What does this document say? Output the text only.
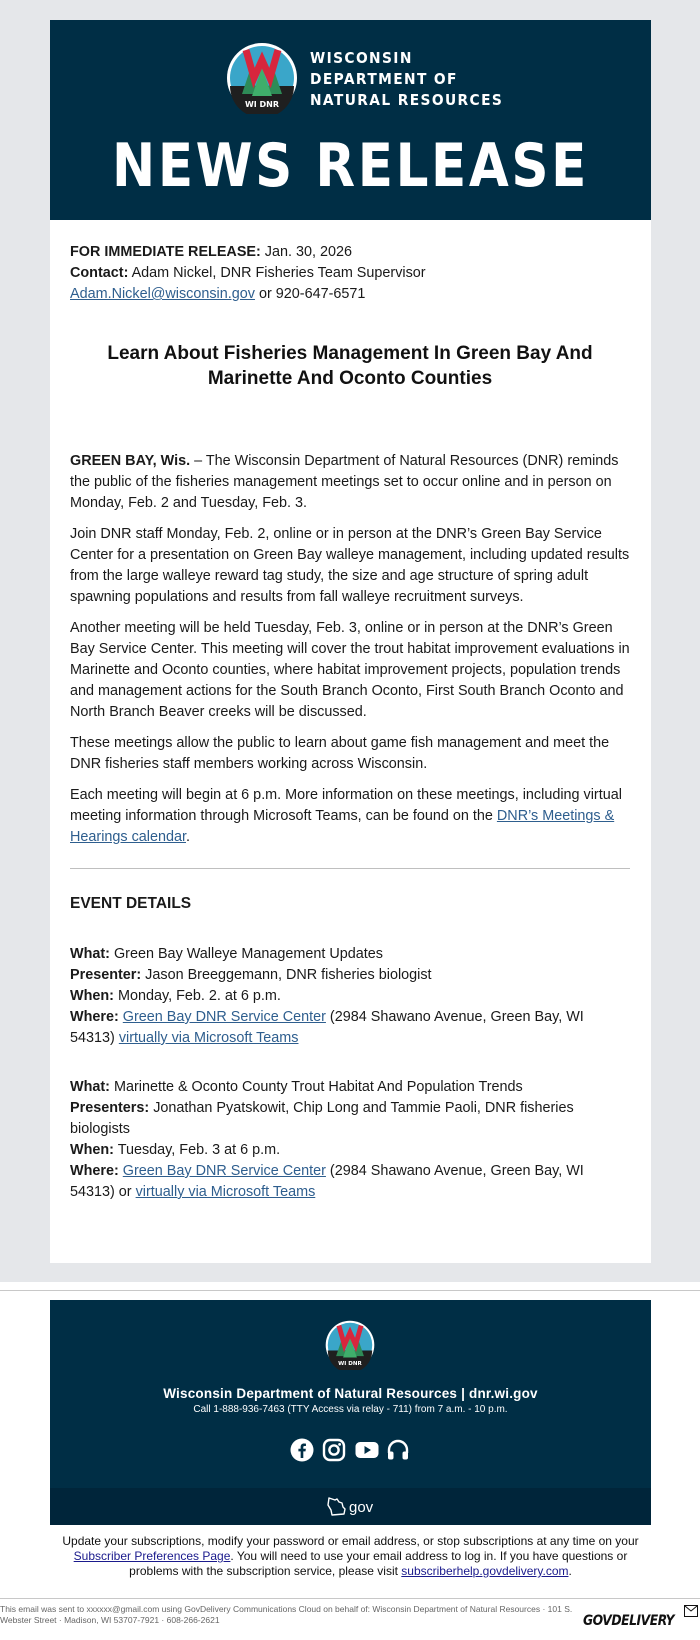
WI DNR
WISCONSIN
DEPARTMENT OF
NATURAL RESOURCES
NEWS RELEASE
FOR IMMEDIATE RELEASE: Jan. 30, 2026
Contact: Adam Nickel, DNR Fisheries Team Supervisor
Adam.Nickel@wisconsin.gov or 920-647-6571
Learn About Fisheries Management In Green Bay And Marinette And Oconto Counties

GREEN BAY, Wis. – The Wisconsin Department of Natural Resources (DNR) reminds the public of the fisheries management meetings set to occur online and in person on Monday, Feb. 2 and Tuesday, Feb. 3.

Join DNR staff Monday, Feb. 2, online or in person at the DNR’s Green Bay Service Center for a presentation on Green Bay walleye management, including updated results from the large walleye reward tag study, the size and age structure of spring adult spawning populations and results from fall walleye recruitment surveys.

Another meeting will be held Tuesday, Feb. 3, online or in person at the DNR’s Green Bay Service Center. This meeting will cover the trout habitat improvement evaluations in Marinette and Oconto counties, where habitat improvement projects, population trends and management actions for the South Branch Oconto, First South Branch Oconto and North Branch Beaver creeks will be discussed.

These meetings allow the public to learn about game fish management and meet the DNR fisheries staff members working across Wisconsin.

Each meeting will begin at 6 p.m. More information on these meetings, including virtual meeting information through Microsoft Teams, can be found on the DNR’s Meetings & Hearings calendar.

EVENT DETAILS
What: Green Bay Walleye Management Updates
Presenter: Jason Breeggemann, DNR fisheries biologist
When: Monday, Feb. 2. at 6 p.m.
Where: Green Bay DNR Service Center (2984 Shawano Avenue, Green Bay, WI 54313) virtually via Microsoft Teams
What: Marinette & Oconto County Trout Habitat And Population Trends
Presenters: Jonathan Pyatskowit, Chip Long and Tammie Paoli, DNR fisheries biologists
When: Tuesday, Feb. 3 at 6 p.m.
Where: Green Bay DNR Service Center (2984 Shawano Avenue, Green Bay, WI 54313) or virtually via Microsoft Teams
WI DNR
Wisconsin Department of Natural Resources | dnr.wi.gov
Call 1-888-936-7463 (TTY Access via relay - 711) from 7 a.m. - 10 p.m.
gov
Update your subscriptions, modify your password or email address, or stop subscriptions at any time on your Subscriber Preferences Page. You will need to use your email address to log in. If you have questions or problems with the subscription service, please visit subscriberhelp.govdelivery.com.
This email was sent to xxxxxx@gmail.com using GovDelivery Communications Cloud on behalf of: Wisconsin Department of Natural Resources · 101 S. Webster Street · Madison, WI 53707-7921 · 608-266-2621	GOVDELIVERY
